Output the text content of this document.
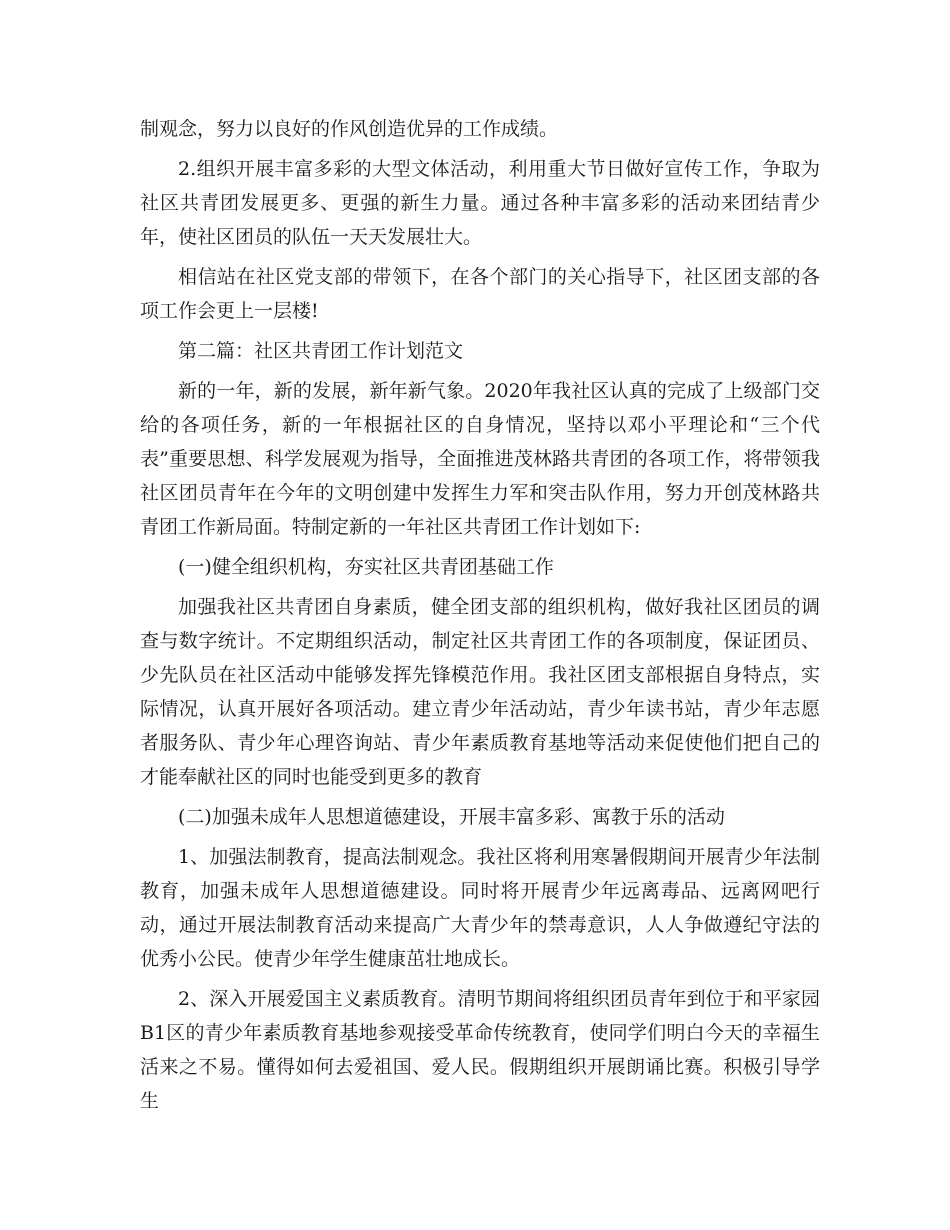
制观念，努力以良好的作风创造优异的工作成绩。

2.组织开展丰富多彩的大型文体活动，利用重大节日做好宣传工作，争取为社区共青团发展更多、更强的新生力量。通过各种丰富多彩的活动来团结青少年，使社区团员的队伍一天天发展壮大。

相信站在社区党支部的带领下，在各个部门的关心指导下，社区团支部的各项工作会更上一层楼!

第二篇：社区共青团工作计划范文

新的一年，新的发展，新年新气象。2020年我社区认真的完成了上级部门交给的各项任务，新的一年根据社区的自身情况，坚持以邓小平理论和“三个代表”重要思想、科学发展观为指导，全面推进茂林路共青团的各项工作，将带领我社区团员青年在今年的文明创建中发挥生力军和突击队作用，努力开创茂林路共青团工作新局面。特制定新的一年社区共青团工作计划如下:

(一)健全组织机构，夯实社区共青团基础工作

加强我社区共青团自身素质，健全团支部的组织机构，做好我社区团员的调查与数字统计。不定期组织活动，制定社区共青团工作的各项制度，保证团员、少先队员在社区活动中能够发挥先锋模范作用。我社区团支部根据自身特点，实际情况，认真开展好各项活动。建立青少年活动站，青少年读书站，青少年志愿者服务队、青少年心理咨询站、青少年素质教育基地等活动来促使他们把自己的才能奉献社区的同时也能受到更多的教育

(二)加强未成年人思想道德建设，开展丰富多彩、寓教于乐的活动

1、加强法制教育，提高法制观念。我社区将利用寒暑假期间开展青少年法制教育，加强未成年人思想道德建设。同时将开展青少年远离毒品、远离网吧行动，通过开展法制教育活动来提高广大青少年的禁毒意识，人人争做遵纪守法的优秀小公民。使青少年学生健康茁壮地成长。

2、深入开展爱国主义素质教育。清明节期间将组织团员青年到位于和平家园B1区的青少年素质教育基地参观接受革命传统教育，使同学们明白今天的幸福生活来之不易。懂得如何去爱祖国、爱人民。假期组织开展朗诵比赛。积极引导学生
